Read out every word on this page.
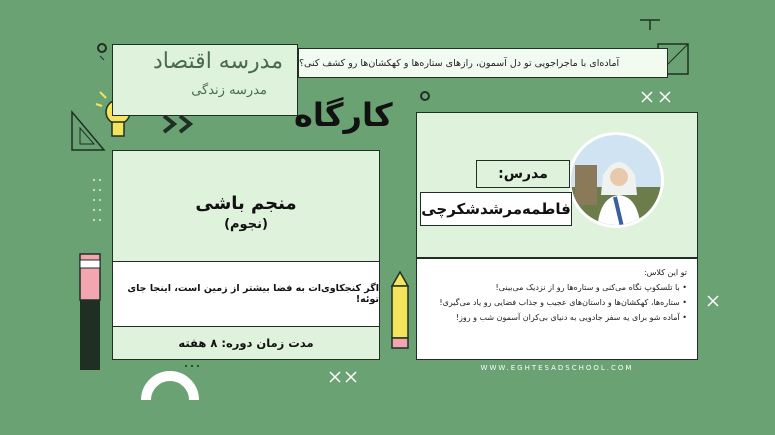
مدرسه اقتصاد
مدرسه زندگی
آماده‌ای با ماجراجویی تو دل آسمون، رازهای ستاره‌ها و کهکشان‌ها رو کشف کنی؟
کارگاه
منجم باشی
(نجوم)
اگر کنجکاوی‌ات به فضا بیشتر از زمین است، اینجا جای توئه!
مدت زمان دوره: ۸ هفته
مدرس:
فاطمه‌مرشدشکرچی
تو این کلاس:
• با تلسکوپ نگاه می‌کنی و ستاره‌ها رو از نزدیک می‌بینی!
• ستاره‌ها، کهکشان‌ها و داستان‌های عجیب و جذاب فضایی رو یاد می‌گیری!
• آماده شو برای یه سفر جادویی به دنیای بی‌کران آسمون شب و روز!
WWW.EGHTESADSCHOOL.COM
